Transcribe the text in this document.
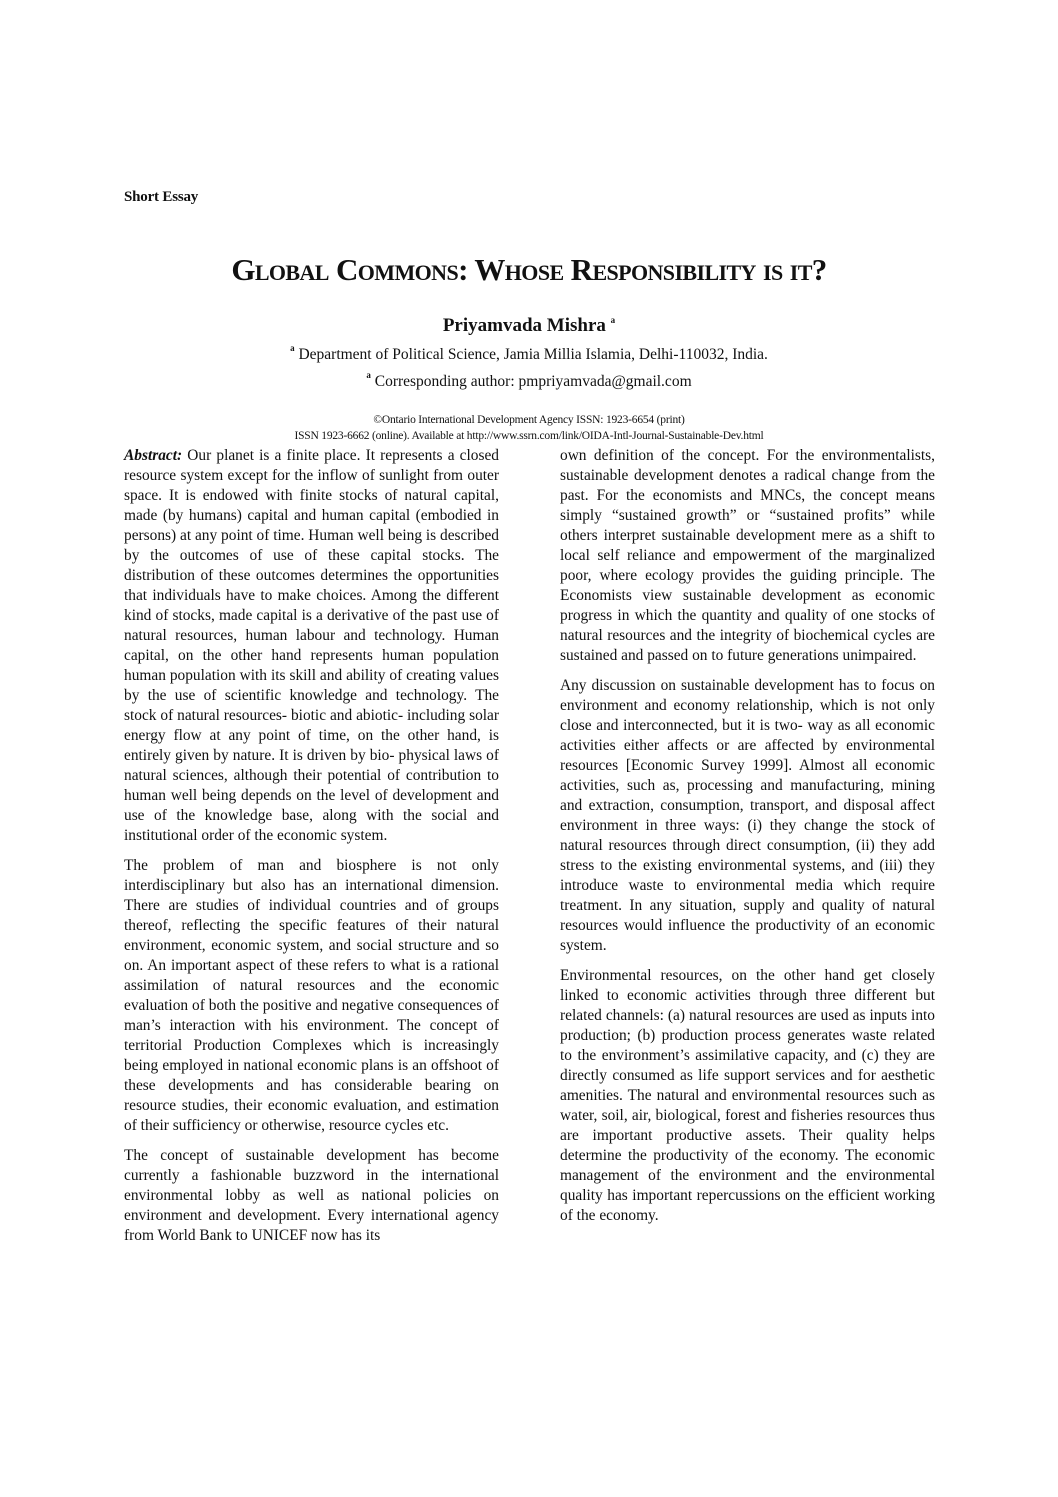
Short Essay
Global Commons: Whose Responsibility is it?
Priyamvada Mishra $^a$
$^a$ Department of Political Science, Jamia Millia Islamia, Delhi-110032, India.
$^a$ Corresponding author: pmpriyamvada@gmail.com
©Ontario International Development Agency ISSN: 1923-6654 (print)
ISSN 1923-6662 (online). Available at http://www.ssrn.com/link/OIDA-Intl-Journal-Sustainable-Dev.html

Abstract: Our planet is a finite place. It represents a closed resource system except for the inflow of sunlight from outer space. It is endowed with finite stocks of natural capital, made (by humans) capital and human capital (embodied in persons) at any point of time. Human well being is described by the outcomes of use of these capital stocks. The distribution of these outcomes determines the opportunities that individuals have to make choices. Among the different kind of stocks, made capital is a derivative of the past use of natural resources, human labour and technology. Human capital, on the other hand represents human population human population with its skill and ability of creating values by the use of scientific knowledge and technology. The stock of natural resources- biotic and abiotic- including solar energy flow at any point of time, on the other hand, is entirely given by nature. It is driven by bio- physical laws of natural sciences, although their potential of contribution to human well being depends on the level of development and use of the knowledge base, along with the social and institutional order of the economic system.

The problem of man and biosphere is not only interdisciplinary but also has an international dimension. There are studies of individual countries and of groups thereof, reflecting the specific features of their natural environment, economic system, and social structure and so on. An important aspect of these refers to what is a rational assimilation of natural resources and the economic evaluation of both the positive and negative consequences of man’s interaction with his environment. The concept of territorial Production Complexes which is increasingly being employed in national economic plans is an offshoot of these developments and has considerable bearing on resource studies, their economic evaluation, and estimation of their sufficiency or otherwise, resource cycles etc.

The concept of sustainable development has become currently a fashionable buzzword in the international environmental lobby as well as national policies on environment and development. Every international agency from World Bank to UNICEF now has its

own definition of the concept. For the environmentalists, sustainable development denotes a radical change from the past. For the economists and MNCs, the concept means simply “sustained growth” or “sustained profits” while others interpret sustainable development mere as a shift to local self reliance and empowerment of the marginalized poor, where ecology provides the guiding principle. The Economists view sustainable development as economic progress in which the quantity and quality of one stocks of natural resources and the integrity of biochemical cycles are sustained and passed on to future generations unimpaired.

Any discussion on sustainable development has to focus on environment and economy relationship, which is not only close and interconnected, but it is two- way as all economic activities either affects or are affected by environmental resources [Economic Survey 1999]. Almost all economic activities, such as, processing and manufacturing, mining and extraction, consumption, transport, and disposal affect environment in three ways: (i) they change the stock of natural resources through direct consumption, (ii) they add stress to the existing environmental systems, and (iii) they introduce waste to environmental media which require treatment. In any situation, supply and quality of natural resources would influence the productivity of an economic system.

Environmental resources, on the other hand get closely linked to economic activities through three different but related channels: (a) natural resources are used as inputs into production; (b) production process generates waste related to the environment’s assimilative capacity, and (c) they are directly consumed as life support services and for aesthetic amenities. The natural and environmental resources such as water, soil, air, biological, forest and fisheries resources thus are important productive assets. Their quality helps determine the productivity of the economy. The economic management of the environment and the environmental quality has important repercussions on the efficient working of the economy.
